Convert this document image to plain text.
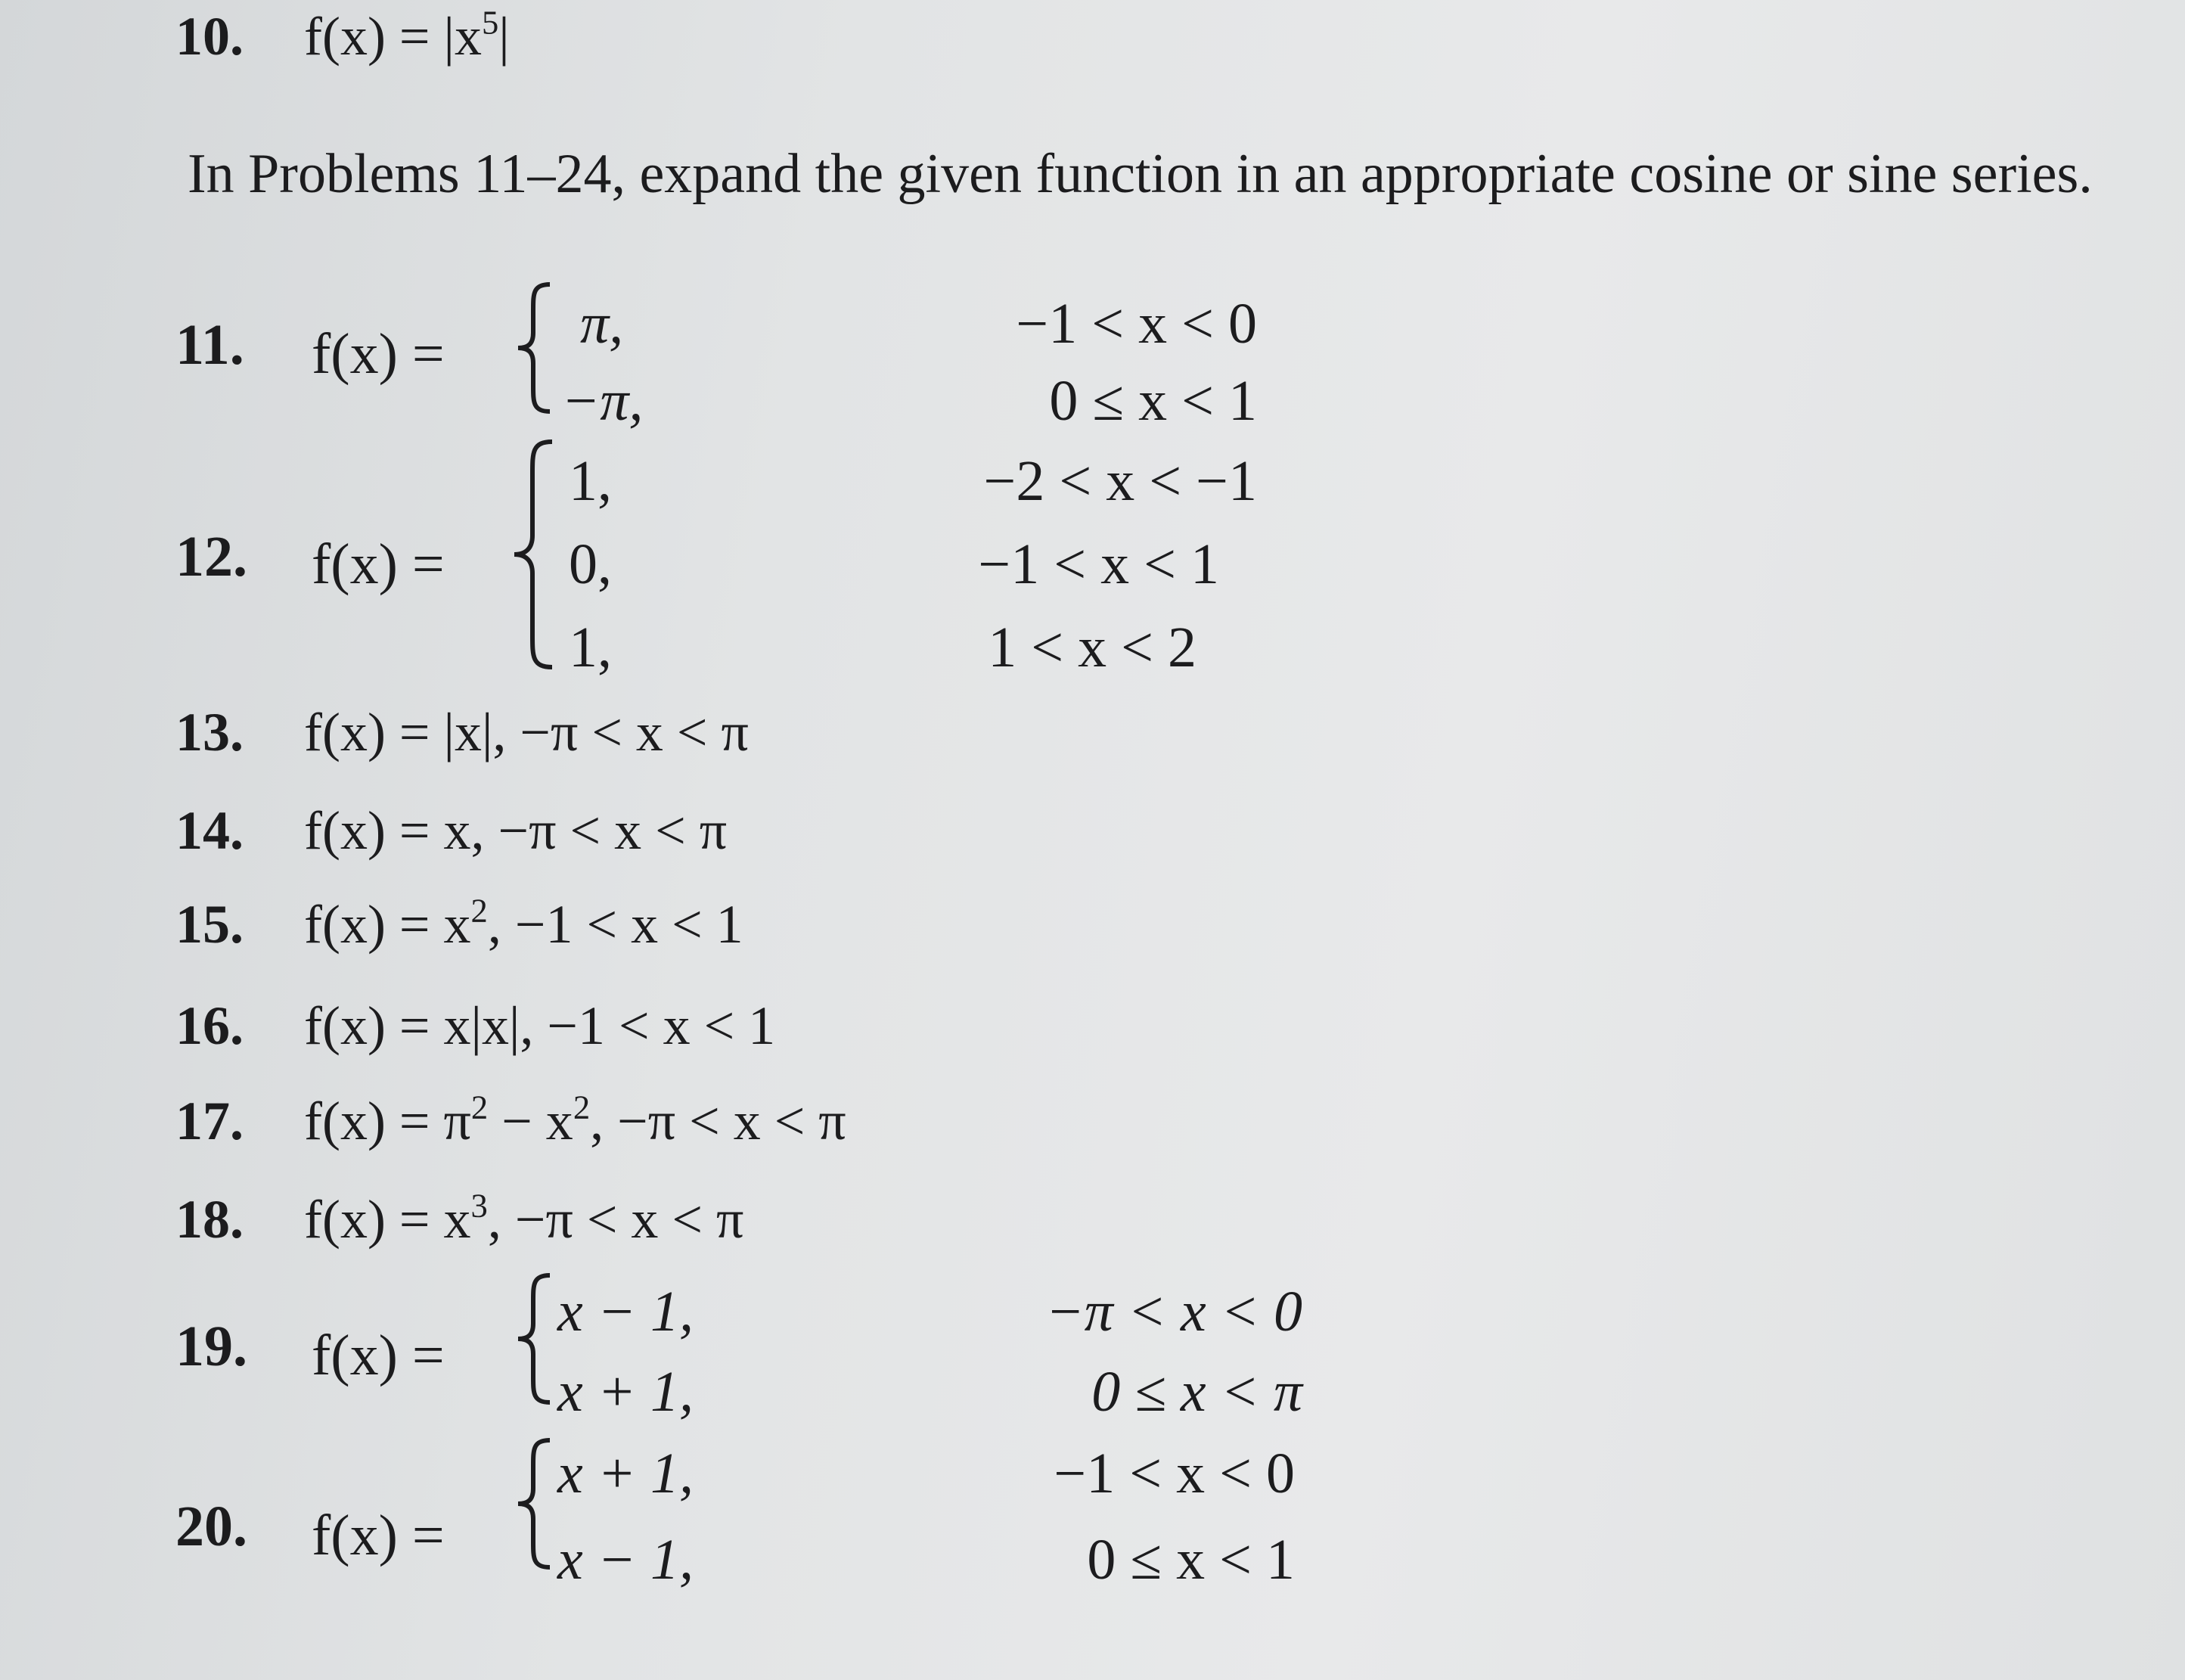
10. $f(x) = |x^5|$
In Problems 11–24, expand the given function in an appropriate cosine or sine series.
11.	f(x) = π,	−1 < x < 0
−π,	0 ≤ x < 1
12.	f(x) =
1,	−2 < x < −1
0,	−1 < x < 1
1,	1 < x < 2
13. f(x) = |x|, −π < x < π
14. f(x) = x, −π < x < π
15. $f(x) = x^2$, −1 < x < 1
16. f(x) = x|x|, −1 < x < 1
17. $f(x) = \pi^2 - x^2$, −π < x < π
18. $f(x) = x^3$, −π < x < π
19.	f(x) =
x − 1,	−π < x < 0
x + 1,	0 ≤ x < π
20.	f(x) =
x + 1,	−1 < x < 0
x − 1,	0 ≤ x < 1
